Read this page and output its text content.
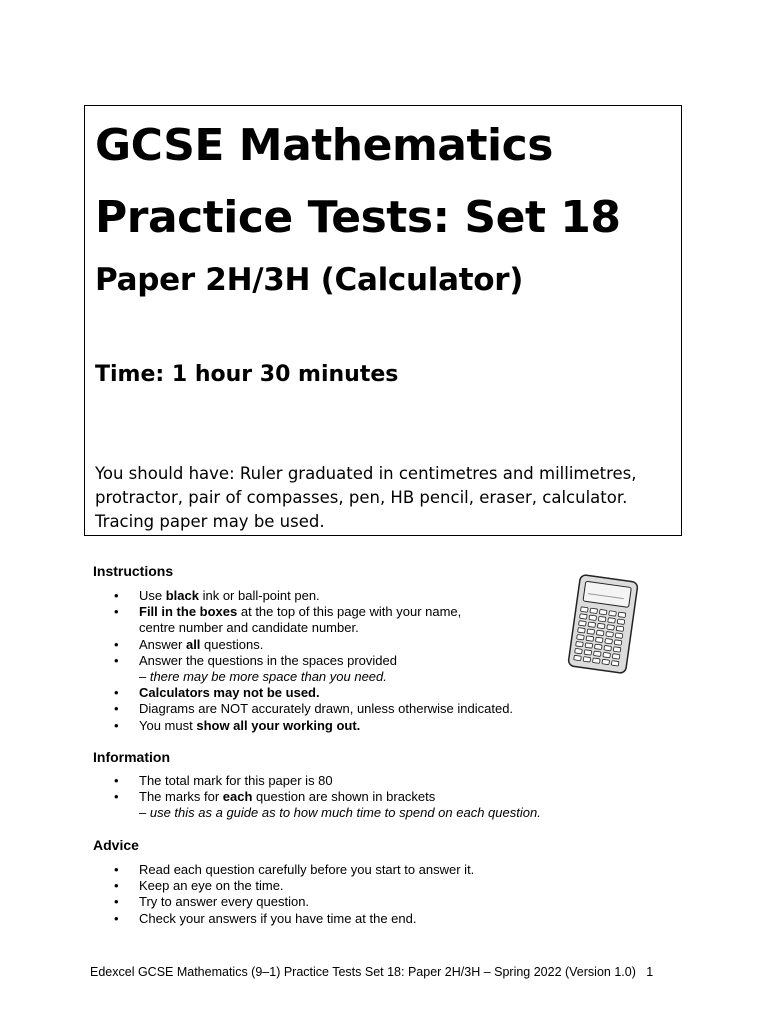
GCSE Mathematics
Practice Tests: Set 18
Paper 2H/3H (Calculator)
Time: 1 hour 30 minutes
You should have: Ruler graduated in centimetres and millimetres, protractor, pair of compasses, pen, HB pencil, eraser, calculator. Tracing paper may be used.
Instructions
• Use black ink or ball-point pen.
• Fill in the boxes at the top of this page with your name,
centre number and candidate number.
• Answer all questions.
• Answer the questions in the spaces provided
– there may be more space than you need.
• Calculators may not be used.
• Diagrams are NOT accurately drawn, unless otherwise indicated.
• You must show all your working out.
Information
• The total mark for this paper is 80
• The marks for each question are shown in brackets
– use this as a guide as to how much time to spend on each question.
Advice
• Read each question carefully before you start to answer it.
• Keep an eye on the time.
• Try to answer every question.
• Check your answers if you have time at the end.
Edexcel GCSE Mathematics (9–1) Practice Tests Set 18: Paper 2H/3H – Spring 2022 (Version 1.0) 1
